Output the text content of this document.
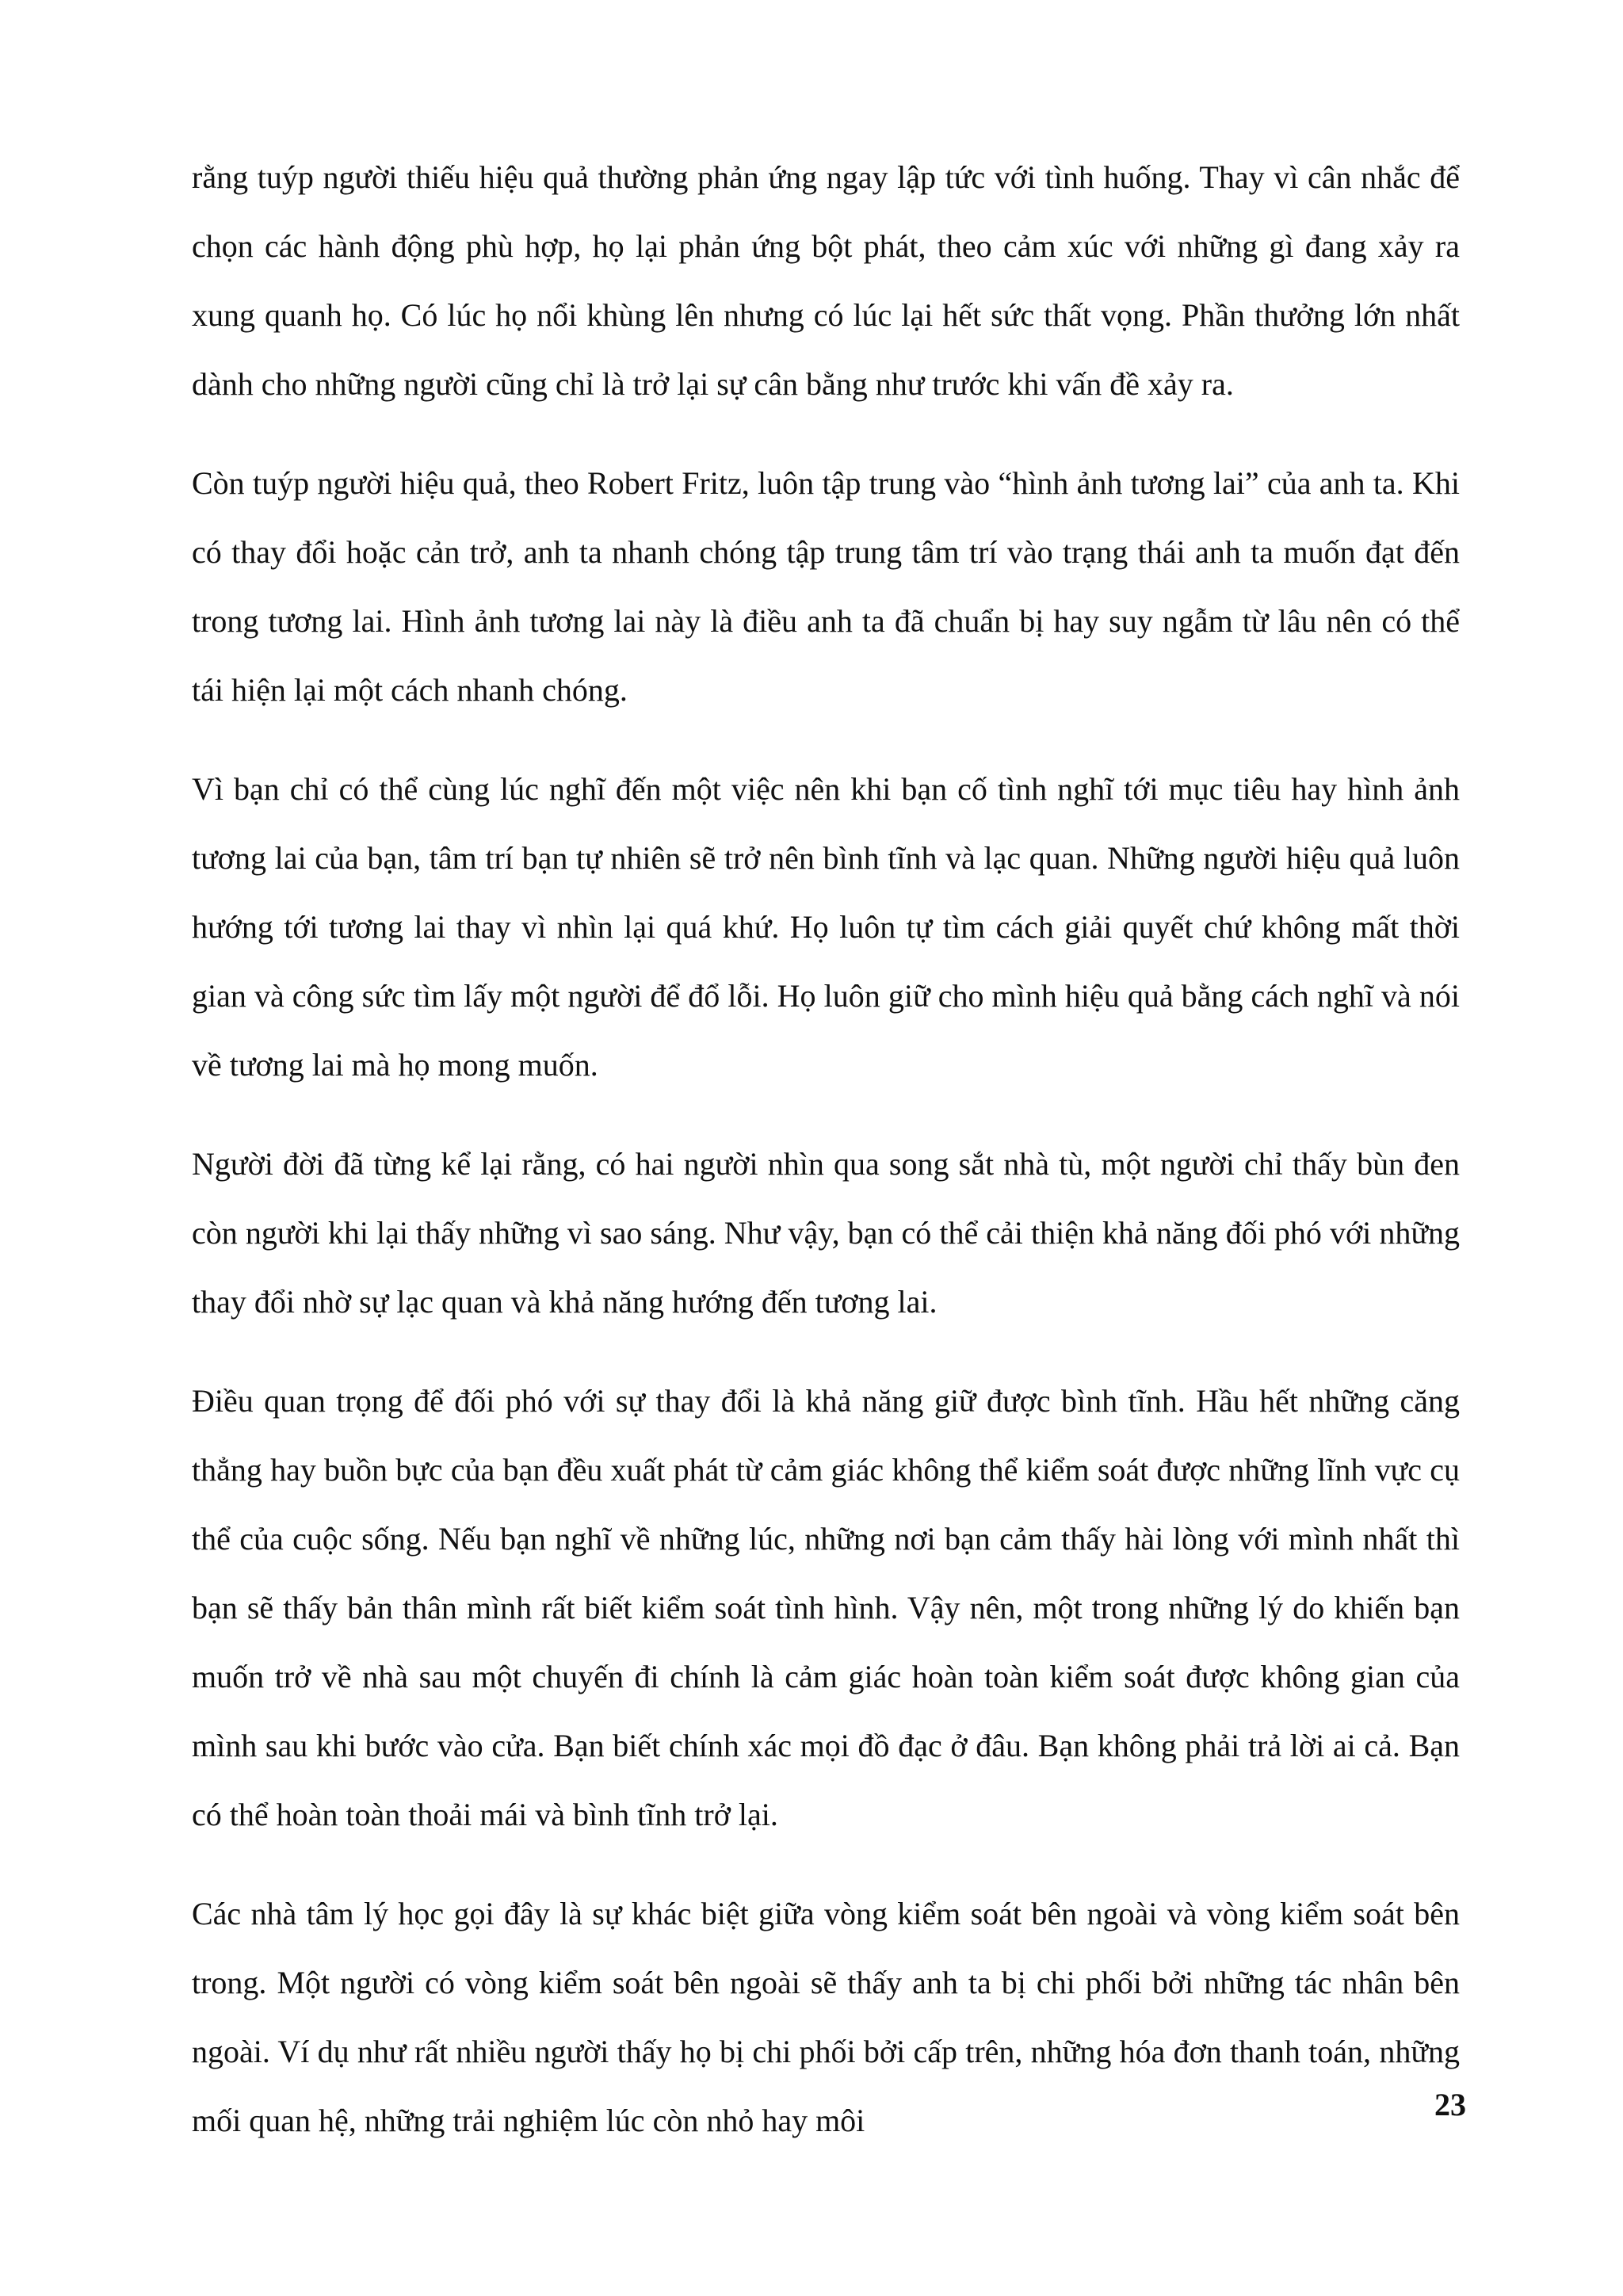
rằng tuýp người thiếu hiệu quả thường phản ứng ngay lập tức với tình huống. Thay vì cân nhắc để chọn các hành động phù hợp, họ lại phản ứng bột phát, theo cảm xúc với những gì đang xảy ra xung quanh họ. Có lúc họ nổi khùng lên nhưng có lúc lại hết sức thất vọng. Phần thưởng lớn nhất dành cho những người cũng chỉ là trở lại sự cân bằng như trước khi vấn đề xảy ra.

Còn tuýp người hiệu quả, theo Robert Fritz, luôn tập trung vào “hình ảnh tương lai” của anh ta. Khi có thay đổi hoặc cản trở, anh ta nhanh chóng tập trung tâm trí vào trạng thái anh ta muốn đạt đến trong tương lai. Hình ảnh tương lai này là điều anh ta đã chuẩn bị hay suy ngẫm từ lâu nên có thể tái hiện lại một cách nhanh chóng.

Vì bạn chỉ có thể cùng lúc nghĩ đến một việc nên khi bạn cố tình nghĩ tới mục tiêu hay hình ảnh tương lai của bạn, tâm trí bạn tự nhiên sẽ trở nên bình tĩnh và lạc quan. Những người hiệu quả luôn hướng tới tương lai thay vì nhìn lại quá khứ. Họ luôn tự tìm cách giải quyết chứ không mất thời gian và công sức tìm lấy một người để đổ lỗi. Họ luôn giữ cho mình hiệu quả bằng cách nghĩ và nói về tương lai mà họ mong muốn.

Người đời đã từng kể lại rằng, có hai người nhìn qua song sắt nhà tù, một người chỉ thấy bùn đen còn người khi lại thấy những vì sao sáng. Như vậy, bạn có thể cải thiện khả năng đối phó với những thay đổi nhờ sự lạc quan và khả năng hướng đến tương lai.

Điều quan trọng để đối phó với sự thay đổi là khả năng giữ được bình tĩnh. Hầu hết những căng thẳng hay buồn bực của bạn đều xuất phát từ cảm giác không thể kiểm soát được những lĩnh vực cụ thể của cuộc sống. Nếu bạn nghĩ về những lúc, những nơi bạn cảm thấy hài lòng với mình nhất thì bạn sẽ thấy bản thân mình rất biết kiểm soát tình hình. Vậy nên, một trong những lý do khiến bạn muốn trở về nhà sau một chuyến đi chính là cảm giác hoàn toàn kiểm soát được không gian của mình sau khi bước vào cửa. Bạn biết chính xác mọi đồ đạc ở đâu. Bạn không phải trả lời ai cả. Bạn có thể hoàn toàn thoải mái và bình tĩnh trở lại.

Các nhà tâm lý học gọi đây là sự khác biệt giữa vòng kiểm soát bên ngoài và vòng kiểm soát bên trong. Một người có vòng kiểm soát bên ngoài sẽ thấy anh ta bị chi phối bởi những tác nhân bên ngoài. Ví dụ như rất nhiều người thấy họ bị chi phối bởi cấp trên, những hóa đơn thanh toán, những mối quan hệ, những trải nghiệm lúc còn nhỏ hay môi	23
